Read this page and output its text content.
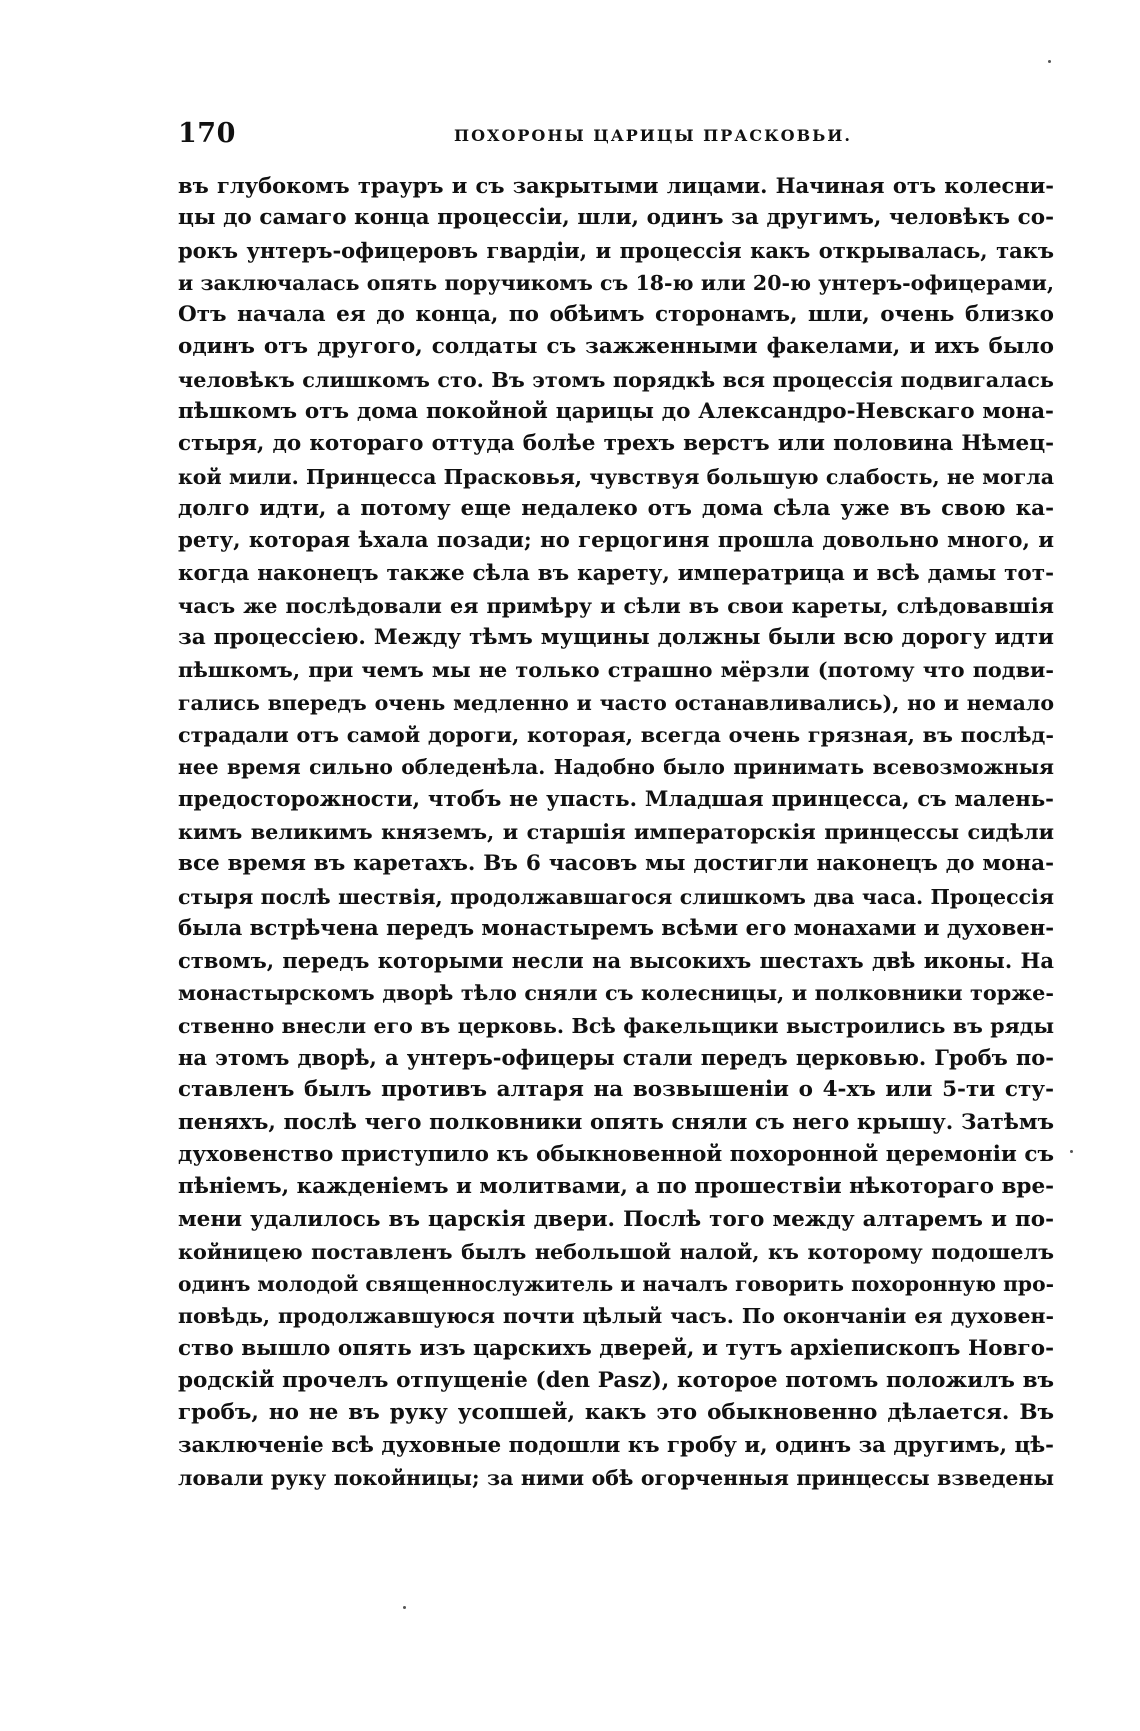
170	ПОХОРОНЫ ЦАРИЦЫ ПРАСКОВЬИ.
въ глубокомъ трауръ и съ закрытыми лицами. Начиная отъ колесни-
цы до самаго конца процессіи, шли, одинъ за другимъ, человѣкъ со-
рокъ унтеръ-офицеровъ гвардіи, и процессія какъ открывалась, такъ
и заключалась опять поручикомъ съ 18-ю или 20-ю унтеръ-офицерами,
Отъ начала ея до конца, по обѣимъ сторонамъ, шли, очень близко
одинъ отъ другого, солдаты съ зажженными факелами, и ихъ было
человѣкъ слишкомъ сто. Въ этомъ порядкѣ вся процессія подвигалась
пѣшкомъ отъ дома покойной царицы до Александро-Невскаго мона-
стыря, до котораго оттуда болѣе трехъ верстъ или половина Нѣмец-
кой мили. Принцесса Прасковья, чувствуя большую слабость, не могла
долго идти, а потому еще недалеко отъ дома сѣла уже въ свою ка-
рету, которая ѣхала позади; но герцогиня прошла довольно много, и
когда наконецъ также сѣла въ карету, императрица и всѣ дамы тот-
часъ же послѣдовали ея примѣру и сѣли въ свои кареты, слѣдовавшія
за процессіею. Между тѣмъ мущины должны были всю дорогу идти
пѣшкомъ, при чемъ мы не только страшно мёрзли (потому что подви-
гались впередъ очень медленно и часто останавливались), но и немало
страдали отъ самой дороги, которая, всегда очень грязная, въ послѣд-
нее время сильно обледенѣла. Надобно было принимать всевозможныя
предосторожности, чтобъ не упасть. Младшая принцесса, съ малень-
кимъ великимъ княземъ, и старшія императорскія принцессы сидѣли
все время въ каретахъ. Въ 6 часовъ мы достигли наконецъ до мона-
стыря послѣ шествія, продолжавшагося слишкомъ два часа. Процессія
была встрѣчена передъ монастыремъ всѣми его монахами и духовен-
ствомъ, передъ которыми несли на высокихъ шестахъ двѣ иконы. На
монастырскомъ дворѣ тѣло сняли съ колесницы, и полковники торже-
ственно внесли его въ церковь. Всѣ факельщики выстроились въ ряды
на этомъ дворѣ, а унтеръ-офицеры стали передъ церковью. Гробъ по-
ставленъ былъ противъ алтаря на возвышеніи о 4-хъ или 5-ти сту-
пеняхъ, послѣ чего полковники опять сняли съ него крышу. Затѣмъ
духовенство приступило къ обыкновенной похоронной церемоніи съ
пѣніемъ, кажденіемъ и молитвами, а по прошествіи нѣкотораго вре-
мени удалилось въ царскія двери. Послѣ того между алтаремъ и по-
койницею поставленъ былъ небольшой налой, къ которому подошелъ
одинъ молодой священнослужитель и началъ говорить похоронную про-
повѣдь, продолжавшуюся почти цѣлый часъ. По окончаніи ея духовен-
ство вышло опять изъ царскихъ дверей, и тутъ архіепископъ Новго-
родскій прочелъ отпущеніе (den Pasz), которое потомъ положилъ въ
гробъ, но не въ руку усопшей, какъ это обыкновенно дѣлается. Въ
заключеніе всѣ духовные подошли къ гробу и, одинъ за другимъ, цѣ-
ловали руку покойницы; за ними обѣ огорченныя принцессы взведены
